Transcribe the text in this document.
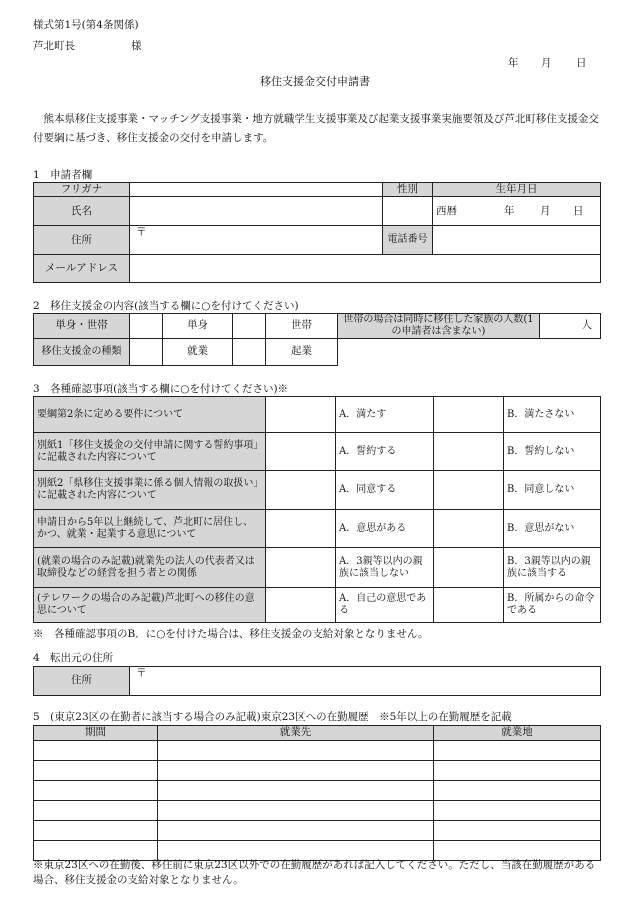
様式第1号(第4条関係)
芦北町長	様
年 月 日
移住支援金交付申請書
　熊本県移住支援事業・マッチング支援事業・地方就職学生支援事業及び起業支援事業実施要領及び芦北町移住支援金交付要綱に基づき、移住支援金の交付を申請します。
1　申請者欄
フリガナ		性別	生年月日
氏名			西暦 年 月 日
住所	〒	電話番号	
メールアドレス			
2　移住支援金の内容(該当する欄に○を付けてください)
単身・世帯		単身		世帯	世帯の場合は同時に移住した家族の人数(1の申請者は含まない)	人
移住支援金の種類		就業		起業		
3　各種確認事項(該当する欄に○を付けてください)※
要綱第2条に定める要件について		A．満たす		B．満たさない
別紙1「移住支援金の交付申請に関する誓約事項」に記載された内容について		A．誓約する		B．誓約しない
別紙2「県移住支援事業に係る個人情報の取扱い」に記載された内容について		A．同意する		B．同意しない
申請日から5年以上継続して、芦北町に居住し、かつ、就業・起業する意思について		A．意思がある		B．意思がない
(就業の場合のみ記載)就業先の法人の代表者又は取締役などの経営を担う者との関係		A．3親等以内の親族に該当しない		B．3親等以内の親族に該当する
(テレワークの場合のみ記載)芦北町への移住の意思について		A．自己の意思である		B．所属からの命令である
※　各種確認事項のB．に○を付けた場合は、移住支援金の支給対象となりません。
4　転出元の住所
住所	〒
5　(東京23区の在勤者に該当する場合のみ記載)東京23区への在勤履歴　※5年以上の在勤履歴を記載
期間	就業先	就業地

※東京23区への在勤後、移住前に東京23区以外での在勤履歴があれば記入してください。ただし、当該在勤履歴がある場合、移住支援金の支給対象となりません。
